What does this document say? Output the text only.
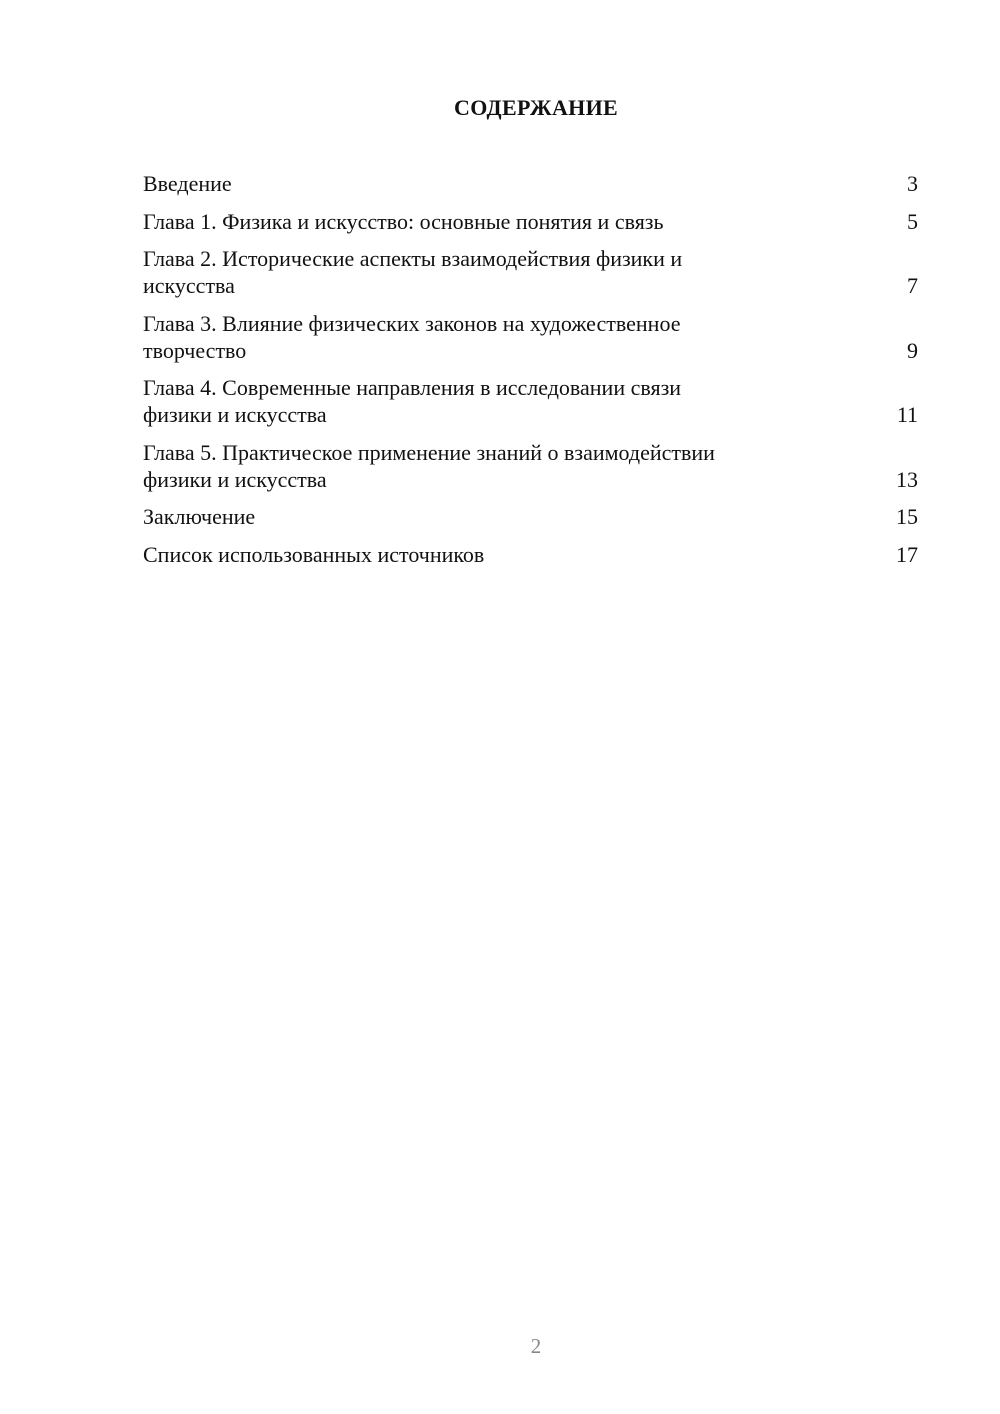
СОДЕРЖАНИЕ
Введение	3
Глава 1. Физика и искусство: основные понятия и связь	5
Глава 2. Исторические аспекты взаимодействия физики и
искусства	7
Глава 3. Влияние физических законов на художественное
творчество	9
Глава 4. Современные направления в исследовании связи
физики и искусства	11
Глава 5. Практическое применение знаний о взаимодействии
физики и искусства	13
Заключение	15
Список использованных источников	17
2
